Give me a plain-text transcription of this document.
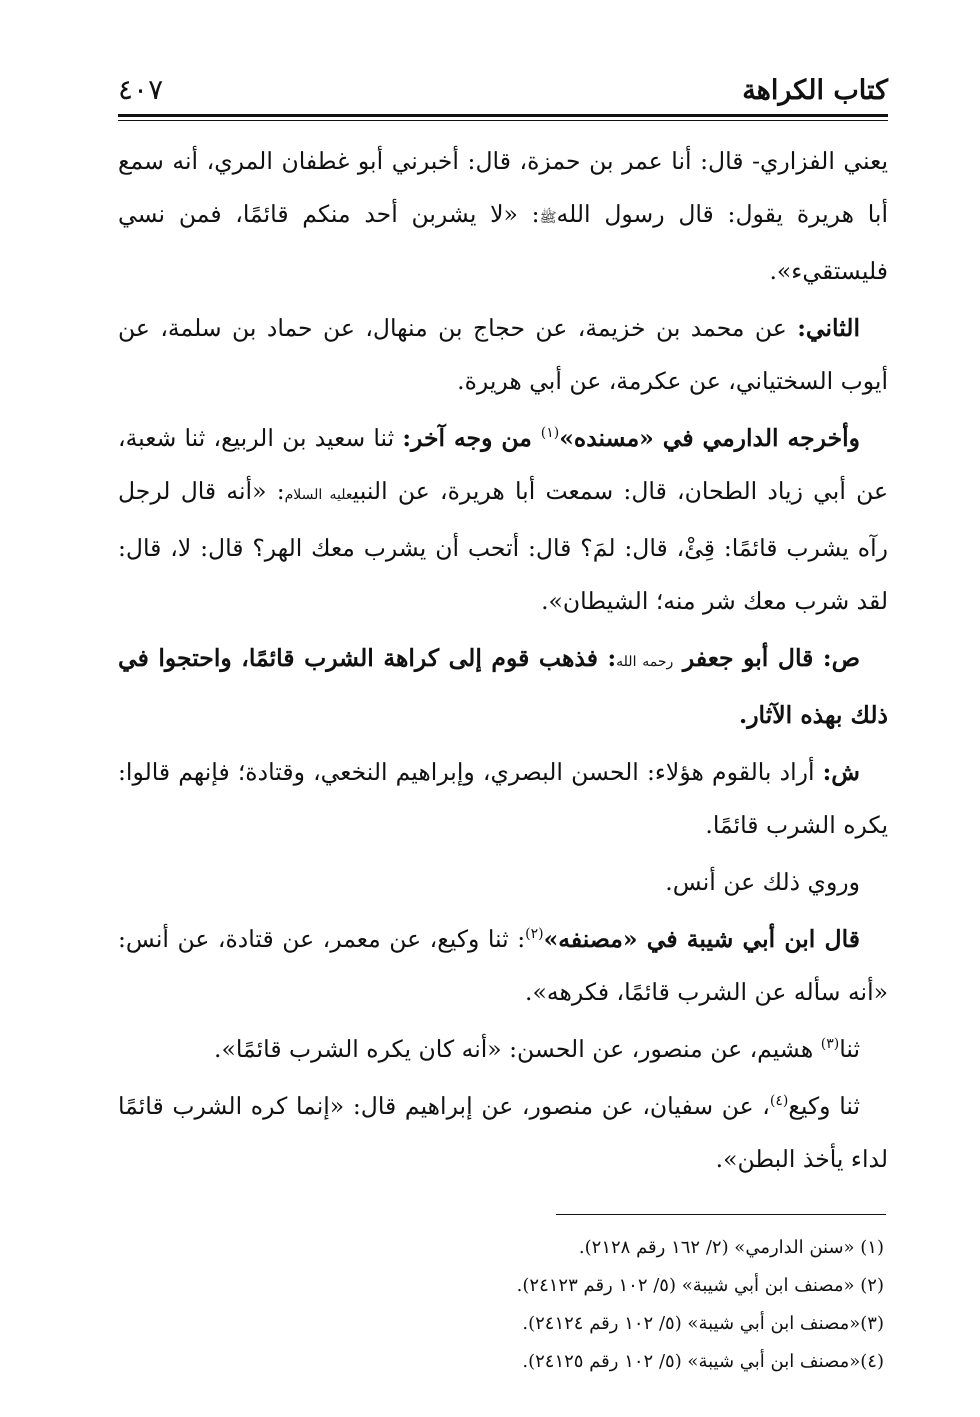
كتاب الكراهة
٤٠٧

يعني الفزاري- قال: أنا عمر بن حمزة، قال: أخبرني أبو غطفان المري، أنه سمع أبا هريرة يقول: قال رسول اللهﷺ: «لا يشربن أحد منكم قائمًا، فمن نسي فليستقيء».

الثاني: عن محمد بن خزيمة، عن حجاج بن منهال، عن حماد بن سلمة، عن أيوب السختياني، عن عكرمة، عن أبي هريرة.

وأخرجه الدارمي في «مسنده»$^{(١)}$ من وجه آخر: ثنا سعيد بن الربيع، ثنا شعبة، عن أبي زياد الطحان، قال: سمعت أبا هريرة، عن النبيعليه السلام: «أنه قال لرجل رآه يشرب قائمًا: قِئْ، قال: لمَ؟ قال: أتحب أن يشرب معك الهر؟ قال: لا، قال: لقد شرب معك شر منه؛ الشيطان».

ص: قال أبو جعفر رحمه الله: فذهب قوم إلى كراهة الشرب قائمًا، واحتجوا في ذلك بهذه الآثار.

ش: أراد بالقوم هؤلاء: الحسن البصري، وإبراهيم النخعي، وقتادة؛ فإنهم قالوا: يكره الشرب قائمًا.

وروي ذلك عن أنس.

قال ابن أبي شيبة في «مصنفه»$^{(٢)}$: ثنا وكيع، عن معمر، عن قتادة، عن أنس: «أنه سأله عن الشرب قائمًا، فكرهه».

ثنا$^{(٣)}$ هشيم، عن منصور، عن الحسن: «أنه كان يكره الشرب قائمًا».

ثنا وكيع$^{(٤)}$، عن سفيان، عن منصور، عن إبراهيم قال: «إنما كره الشرب قائمًا لداء يأخذ البطن».

(١) «سنن الدارمي» (٢/ ١٦٢ رقم ٢١٢٨).
(٢) «مصنف ابن أبي شيبة» (٥/ ١٠٢ رقم ٢٤١٢٣).
(٣)«مصنف ابن أبي شيبة» (٥/ ١٠٢ رقم ٢٤١٢٤).
(٤)«مصنف ابن أبي شيبة» (٥/ ١٠٢ رقم ٢٤١٢٥).
